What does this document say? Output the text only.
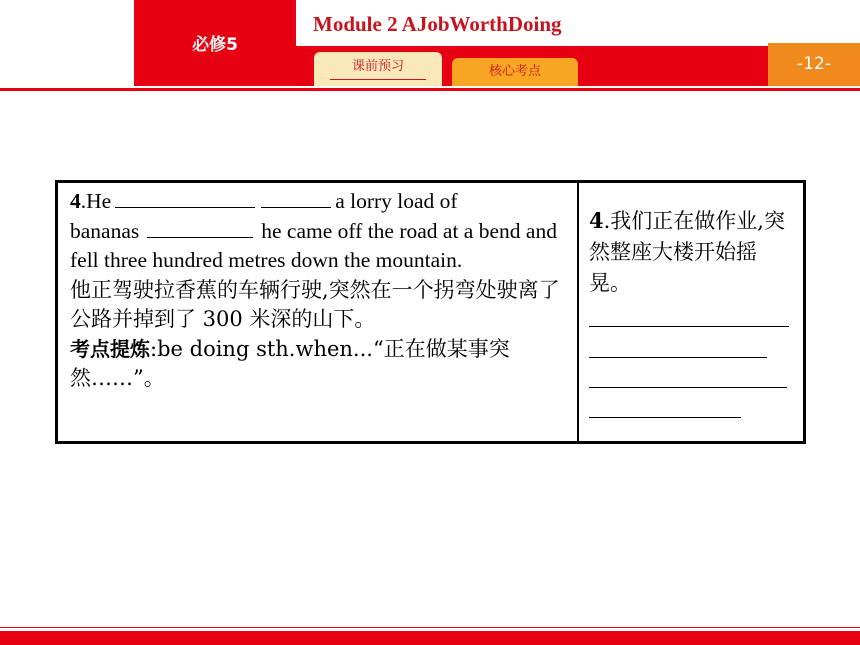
必修5
Module 2 AJobWorthDoing
课前预习	核心考点	-12-
4.He	a lorry load of
bananas	he came off the road at a bend and fell three hundred metres down the mountain.
他正驾驶拉香蕉的车辆行驶,突然在一个拐弯处驶离了公路并掉到了 300 米深的山下。
考点提炼:be doing sth.when...“正在做某事突然……”。
4.我们正在做作业,突然整座大楼开始摇晃。
